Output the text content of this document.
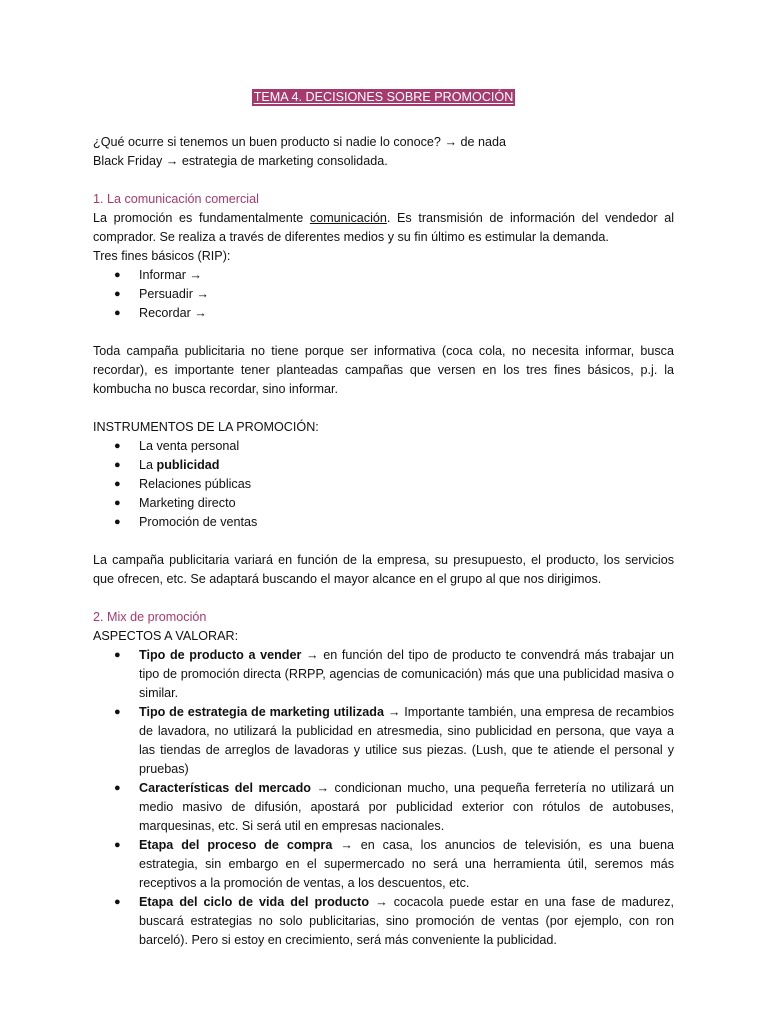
TEMA 4. DECISIONES SOBRE PROMOCIÓN

¿Qué ocurre si tenemos un buen producto si nadie lo conoce? → de nada

Black Friday → estrategia de marketing consolidada.

1. La comunicación comercial

La promoción es fundamentalmente comunicación. Es transmisión de información del vendedor al comprador. Se realiza a través de diferentes medios y su fin último es estimular la demanda.

Tres fines básicos (RIP):

● Informar →
● Persuadir →
● Recordar →

Toda campaña publicitaria no tiene porque ser informativa (coca cola, no necesita informar, busca recordar), es importante tener planteadas campañas que versen en los tres fines básicos, p.j. la kombucha no busca recordar, sino informar.

INSTRUMENTOS DE LA PROMOCIÓN:

● La venta personal
● La publicidad
● Relaciones públicas
● Marketing directo
● Promoción de ventas

La campaña publicitaria variará en función de la empresa, su presupuesto, el producto, los servicios que ofrecen, etc. Se adaptará buscando el mayor alcance en el grupo al que nos dirigimos.

2. Mix de promoción

ASPECTOS A VALORAR:

● Tipo de producto a vender → en función del tipo de producto te convendrá más trabajar un tipo de promoción directa (RRPP, agencias de comunicación) más que una publicidad masiva o similar.
● Tipo de estrategia de marketing utilizada → Importante también, una empresa de recambios de lavadora, no utilizará la publicidad en atresmedia, sino publicidad en persona, que vaya a las tiendas de arreglos de lavadoras y utilice sus piezas. (Lush, que te atiende el personal y pruebas)
● Características del mercado → condicionan mucho, una pequeña ferretería no utilizará un medio masivo de difusión, apostará por publicidad exterior con rótulos de autobuses, marquesinas, etc. Si será util en empresas nacionales.
● Etapa del proceso de compra → en casa, los anuncios de televisión, es una buena estrategia, sin embargo en el supermercado no será una herramienta útil, seremos más receptivos a la promoción de ventas, a los descuentos, etc.
● Etapa del ciclo de vida del producto → cocacola puede estar en una fase de madurez, buscará estrategias no solo publicitarias, sino promoción de ventas (por ejemplo, con ron barceló). Pero si estoy en crecimiento, será más conveniente la publicidad.
